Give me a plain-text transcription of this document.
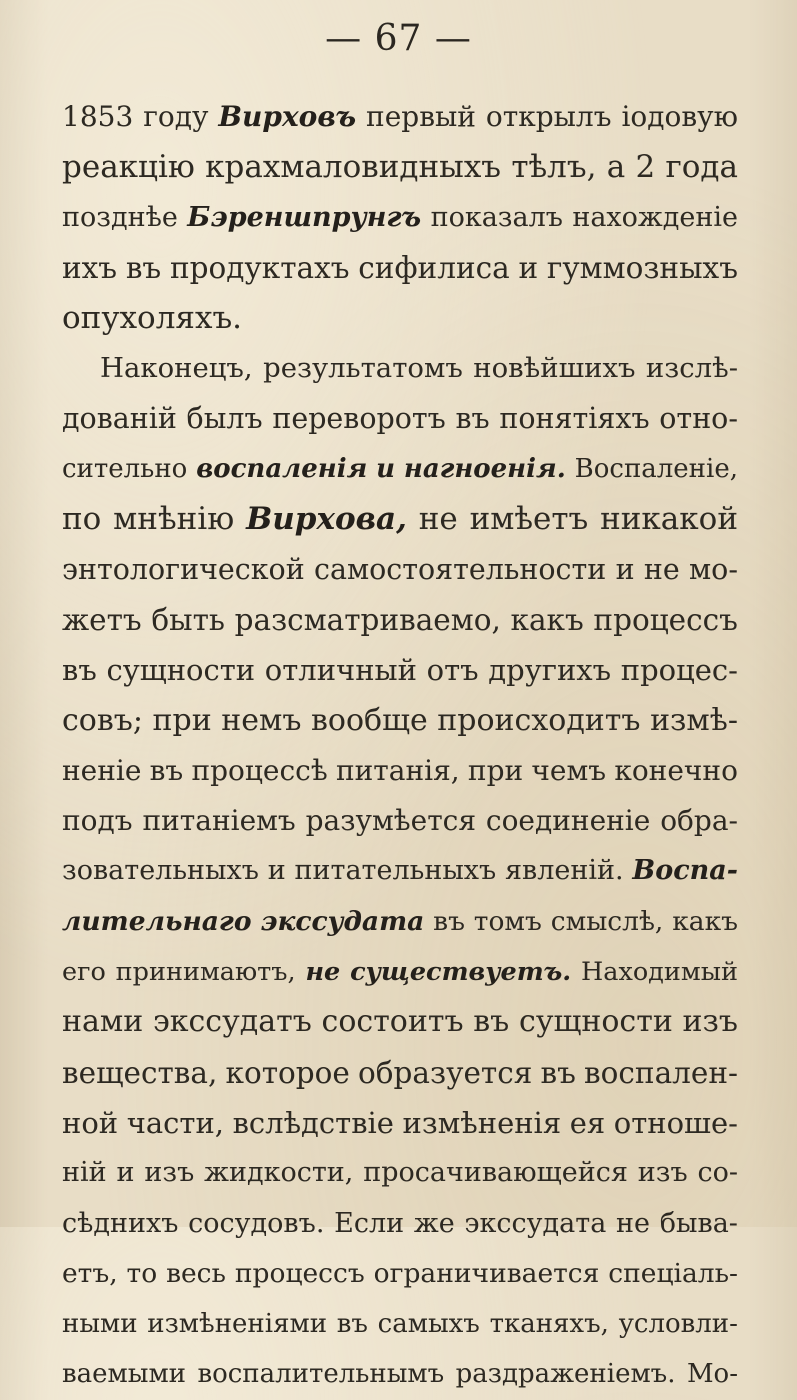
— 67 —
1853 году Вирховъ первый открылъ iодовую
реакцiю крахмаловидныхъ тѣлъ, а 2 года
позднѣе Бэреншпрунгъ показалъ нахожденiе
ихъ въ продуктахъ сифилиса и гуммозныхъ
опухоляхъ.
Наконецъ, результатомъ новѣйшихъ изслѣ-
дованiй былъ переворотъ въ понятiяхъ отно-
сительно воспаленiя и нагноенiя. Воспаленiе,
по мнѣнiю Вирхова, не имѣетъ никакой
энтологической самостоятельности и не мо-
жетъ быть разсматриваемо, какъ процессъ
въ сущности отличный отъ другихъ процес-
совъ; при немъ вообще происходитъ измѣ-
ненiе въ процессѣ питанiя, при чемъ конечно
подъ питанiемъ разумѣется соединенiе обра-
зовательныхъ и питательныхъ явленiй. Воспа-
лительнаго экссудата въ томъ смыслѣ, какъ
его принимаютъ, не существуетъ. Находимый
нами экссудатъ состоитъ въ сущности изъ
вещества, которое образуется въ воспален-
ной части, вслѣдствiе измѣненiя ея отноше-
нiй и изъ жидкости, просачивающейся изъ со-
сѣднихъ сосудовъ. Если же экссудата не быва-
етъ, то весь процессъ ограничивается спецiаль-
ными измѣненiями въ самыхъ тканяхъ, условли-
ваемыми воспалительнымъ раздраженiемъ. Мо-
